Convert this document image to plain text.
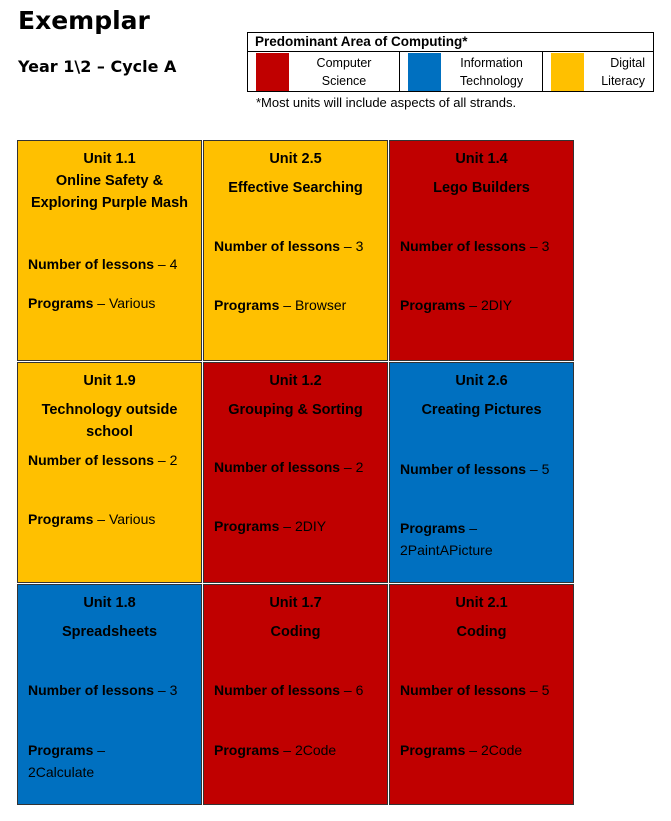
Exemplar
Year 1\2 – Cycle A
Predominant Area of Computing*
Computer
Science
Information
Technology
Digital
Literacy
*Most units will include aspects of all strands.
Unit 1.1
Online Safety & Exploring Purple Mash
Number of lessons – 4
Programs – Various
Unit 2.5
Effective Searching
Number of lessons – 3
Programs – Browser
Unit 1.4
Lego Builders
Number of lessons – 3
Programs – 2DIY
Unit 1.9
Technology outside school
Number of lessons – 2
Programs – Various
Unit 1.2
Grouping & Sorting
Number of lessons – 2
Programs – 2DIY
Unit 2.6
Creating Pictures
Number of lessons – 5
Programs –
2PaintAPicture
Unit 1.8
Spreadsheets
Number of lessons – 3
Programs –
2Calculate
Unit 1.7
Coding
Number of lessons – 6
Programs – 2Code
Unit 2.1
Coding
Number of lessons – 5
Programs – 2Code
